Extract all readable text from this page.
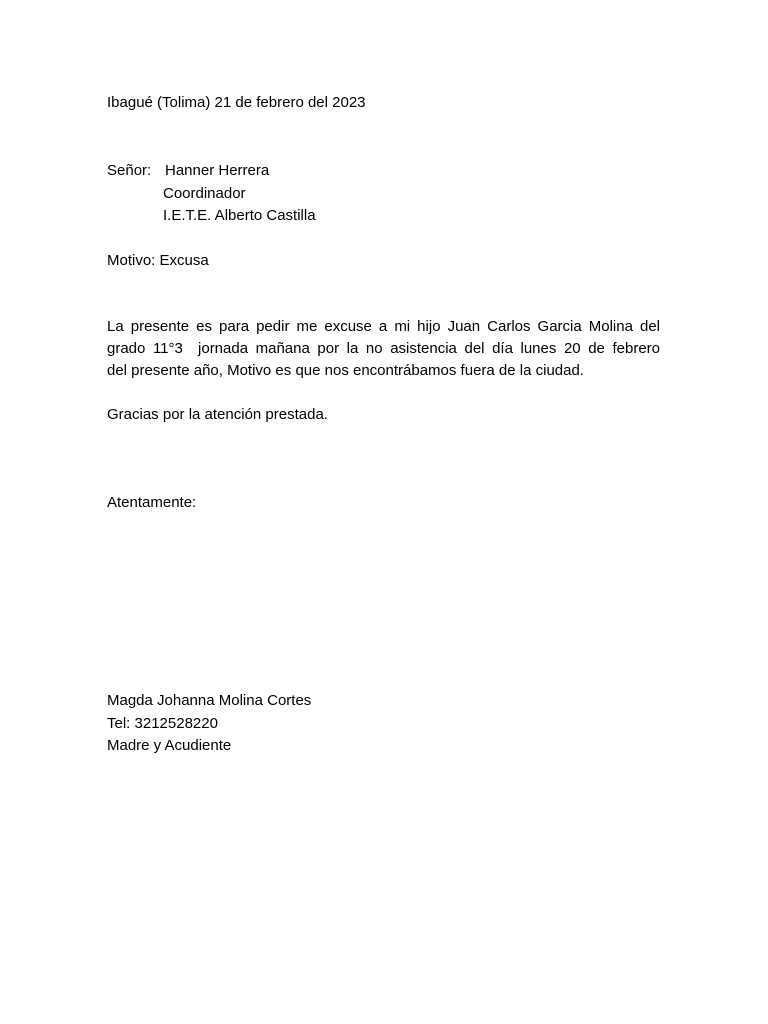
Ibagué (Tolima) 21 de febrero del 2023
Señor: Hanner Herrera
Coordinador
I.E.T.E. Alberto Castilla
Motivo: Excusa

La presente es para pedir me excuse a mi hijo Juan Carlos Garcia Molina del

grado 11°3  jornada mañana por la no asistencia del día lunes 20 de febrero

del presente año, Motivo es que nos encontrábamos fuera de la ciudad.

Gracias por la atención prestada.
Atentamente:
Magda Johanna Molina Cortes
Tel: 3212528220
Madre y Acudiente
